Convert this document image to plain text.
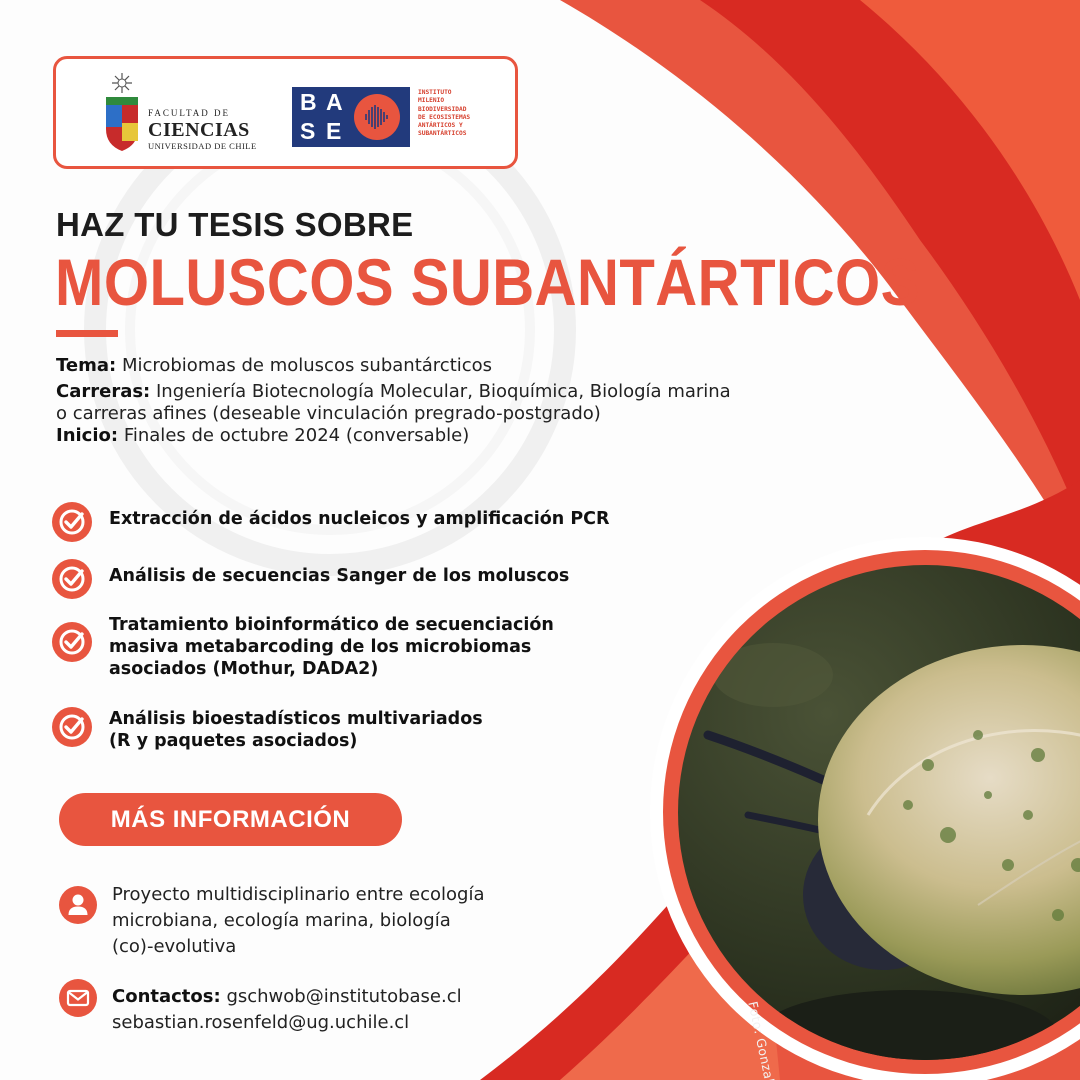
FACULTAD DE
CIENCIAS
UNIVERSIDAD DE CHILE
B A
S E
INSTITUTO
MILENIO
BIODIVERSIDAD
DE ECOSISTEMAS
ANTÁRTICOS Y
SUBANTÁRTICOS
HAZ TU TESIS SOBRE
MOLUSCOS SUBANTÁRTICOS
Tema: Microbiomas de moluscos subantárcticos
Carreras: Ingeniería Biotecnología Molecular, Bioquímica, Biología marina
o carreras afines (deseable vinculación pregrado-postgrado)
Inicio: Finales de octubre 2024 (conversable)
Extracción de ácidos nucleicos y amplificación PCR
Análisis de secuencias Sanger de los moluscos
Tratamiento bioinformático de secuenciación
masiva metabarcoding de los microbiomas
asociados (Mothur, DADA2)
Análisis bioestadísticos multivariados
(R y paquetes asociados)
MÁS INFORMACIÓN
Proyecto multidisciplinario entre ecología
microbiana, ecología marina, biología
(co)-evolutiva
Contactos: gschwob@institutobase.cl
sebastian.rosenfeld@ug.uchile.cl	Foto: Gonzalo
